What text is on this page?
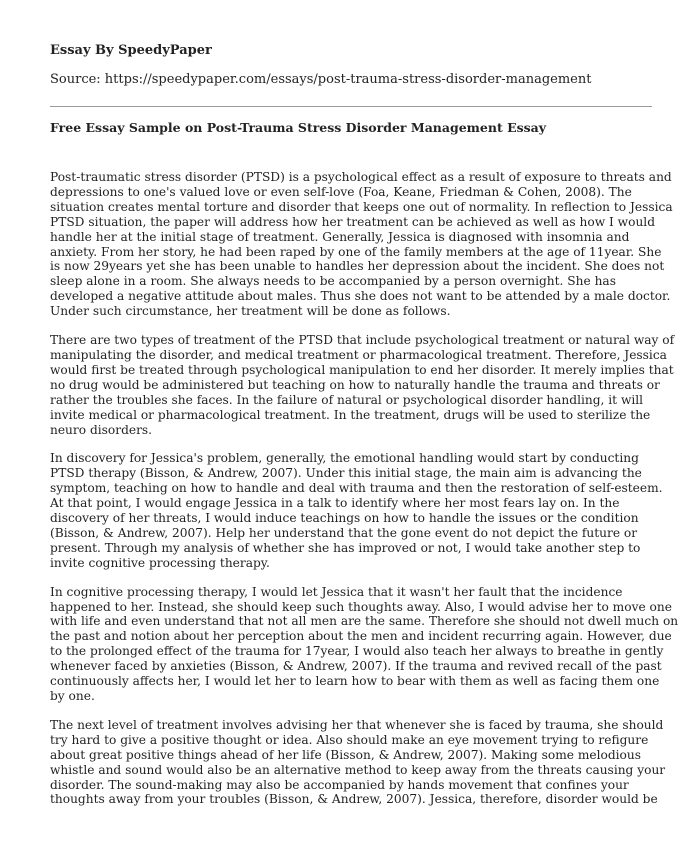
Essay By SpeedyPaper
Source: https://speedypaper.com/essays/post-trauma-stress-disorder-management
Free Essay Sample on Post-Trauma Stress Disorder Management Essay
Post-traumatic stress disorder (PTSD) is a psychological effect as a result of exposure to threats and
depressions to one's valued love or even self-love (Foa, Keane, Friedman & Cohen, 2008). The
situation creates mental torture and disorder that keeps one out of normality. In reflection to Jessica
PTSD situation, the paper will address how her treatment can be achieved as well as how I would
handle her at the initial stage of treatment. Generally, Jessica is diagnosed with insomnia and
anxiety. From her story, he had been raped by one of the family members at the age of 11year. She
is now 29years yet she has been unable to handles her depression about the incident. She does not
sleep alone in a room. She always needs to be accompanied by a person overnight. She has
developed a negative attitude about males. Thus she does not want to be attended by a male doctor.
Under such circumstance, her treatment will be done as follows.
There are two types of treatment of the PTSD that include psychological treatment or natural way of
manipulating the disorder, and medical treatment or pharmacological treatment. Therefore, Jessica
would first be treated through psychological manipulation to end her disorder. It merely implies that
no drug would be administered but teaching on how to naturally handle the trauma and threats or
rather the troubles she faces. In the failure of natural or psychological disorder handling, it will
invite medical or pharmacological treatment. In the treatment, drugs will be used to sterilize the
neuro disorders.
In discovery for Jessica's problem, generally, the emotional handling would start by conducting
PTSD therapy (Bisson, & Andrew, 2007). Under this initial stage, the main aim is advancing the
symptom, teaching on how to handle and deal with trauma and then the restoration of self-esteem.
At that point, I would engage Jessica in a talk to identify where her most fears lay on. In the
discovery of her threats, I would induce teachings on how to handle the issues or the condition
(Bisson, & Andrew, 2007). Help her understand that the gone event do not depict the future or
present. Through my analysis of whether she has improved or not, I would take another step to
invite cognitive processing therapy.
In cognitive processing therapy, I would let Jessica that it wasn't her fault that the incidence
happened to her. Instead, she should keep such thoughts away. Also, I would advise her to move one
with life and even understand that not all men are the same. Therefore she should not dwell much on
the past and notion about her perception about the men and incident recurring again. However, due
to the prolonged effect of the trauma for 17year, I would also teach her always to breathe in gently
whenever faced by anxieties (Bisson, & Andrew, 2007). If the trauma and revived recall of the past
continuously affects her, I would let her to learn how to bear with them as well as facing them one
by one.
The next level of treatment involves advising her that whenever she is faced by trauma, she should
try hard to give a positive thought or idea. Also should make an eye movement trying to refigure
about great positive things ahead of her life (Bisson, & Andrew, 2007). Making some melodious
whistle and sound would also be an alternative method to keep away from the threats causing your
disorder. The sound-making may also be accompanied by hands movement that confines your
thoughts away from your troubles (Bisson, & Andrew, 2007). Jessica, therefore, disorder would be
